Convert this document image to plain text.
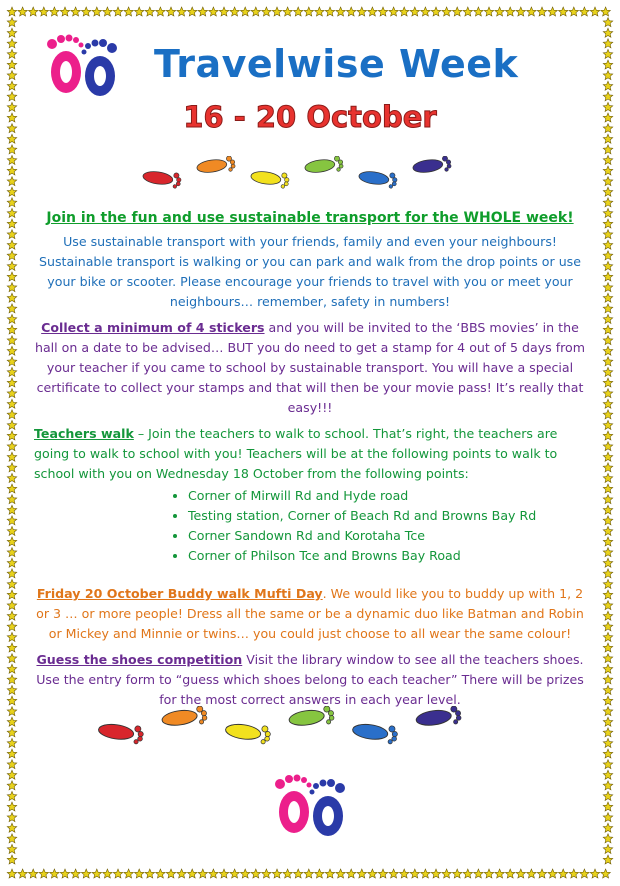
Travelwise Week
16 - 20 October
Join in the fun and use sustainable transport for the WHOLE week!

Use sustainable transport with your friends, family and even your neighbours! Sustainable transport is walking or you can park and walk from the drop points or use your bike or scooter. Please encourage your friends to travel with you or meet your neighbours… remember, safety in numbers!

Collect a minimum of 4 stickers and you will be invited to the ‘BBS movies’ in the hall on a date to be advised… BUT you do need to get a stamp for 4 out of 5 days from your teacher if you came to school by sustainable transport. You will have a special certificate to collect your stamps and that will then be your movie pass! It’s really that easy!!!

Teachers walk – Join the teachers to walk to school. That’s right, the teachers are going to walk to school with you! Teachers will be at the following points to walk to school with you on Wednesday 18 October from the following points:

• Corner of Mirwill Rd and Hyde road
• Testing station, Corner of Beach Rd and Browns Bay Rd
• Corner Sandown Rd and Korotaha Tce
• Corner of Philson Tce and Browns Bay Road

Friday 20 October Buddy walk Mufti Day. We would like you to buddy up with 1, 2 or 3 … or more people! Dress all the same or be a dynamic duo like Batman and Robin or Mickey and Minnie or twins… you could just choose to all wear the same colour!

Guess the shoes competition Visit the library window to see all the teachers shoes. Use the entry form to “guess which shoes belong to each teacher” There will be prizes for the most correct answers in each year level.
